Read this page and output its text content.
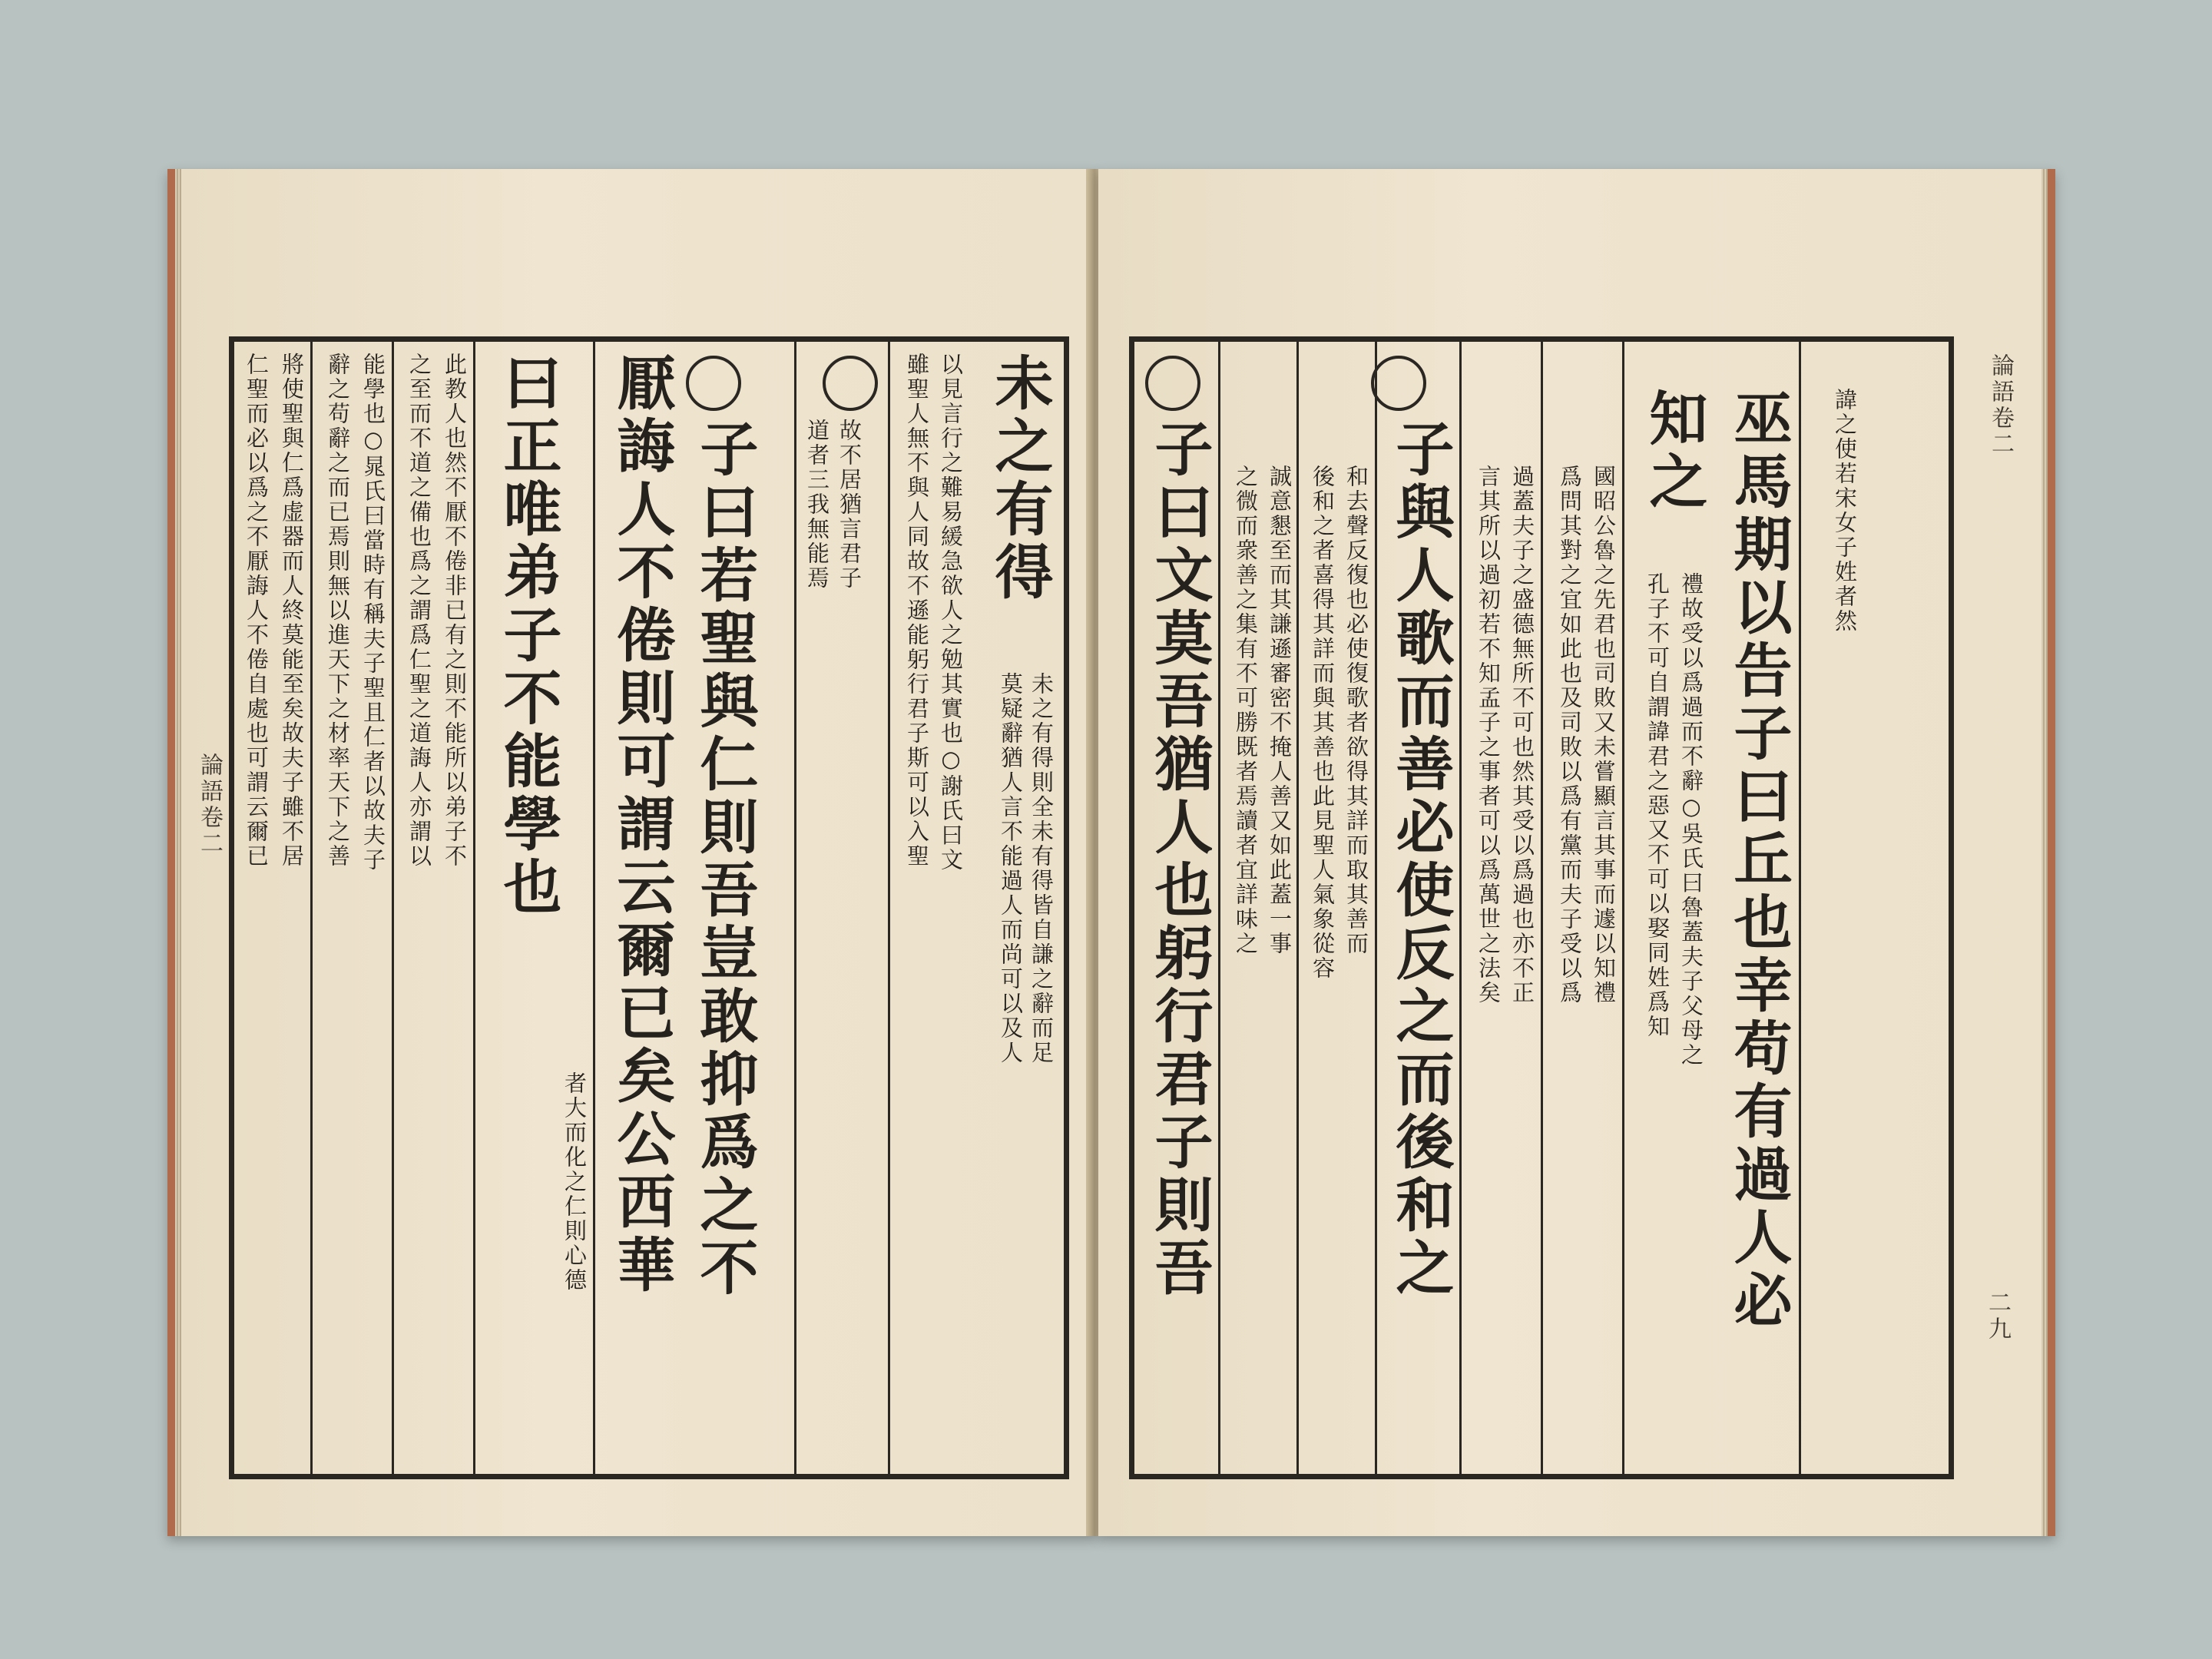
仁聖而必以爲之不厭誨人不倦自處也可謂云爾已 將使聖與仁爲虚器而人終莫能至矣故夫子雖不居 辭之苟辭之而已焉則無以進天下之材率天下之善 能學也○晁氏曰當時有稱夫子聖且仁者以故夫子 之至而不道之備也爲之謂爲仁聖之道誨人亦謂以 此教人也然不厭不倦非已有之則不能所以弟子不 曰正唯弟子不能學也
者大而化之仁則心德 厭誨人不倦則可謂云爾已矣公西華 子曰若聖與仁則吾豈敢抑爲之不 道者三我無能焉 故不居猶言君子 雖聖人無不與人同故不遜能躬行君子斯可以入聖 以見言行之難易緩急欲人之勉其實也○謝氏曰文 未之有得
莫疑辭猶人言不能過人而尚可以及人 未之有得則全未有得皆自謙之辭而足
論語卷二	子曰文莫吾猶人也躬行君子則吾 之微而衆善之集有不可勝既者焉讀者宜詳味之 誠意懇至而其謙遜審密不掩人善又如此蓋一事 後和之者喜得其詳而與其善也此見聖人氣象從容 和去聲反復也必使復歌者欲得其詳而取其善而 子與人歌而善必使反之而後和之 言其所以過初若不知孟子之事者可以爲萬世之法矣 過蓋夫子之盛德無所不可也然其受以爲過也亦不正 爲問其對之宜如此也及司敗以爲有黨而夫子受以爲 國昭公魯之先君也司敗又未嘗顯言其事而遽以知禮
知之
孔子不可自謂諱君之惡又不可以娶同姓爲知 禮故受以爲過而不辭○吳氏曰魯蓋夫子父母之 巫馬期以告子曰丘也幸苟有過人必 諱之使若宋女子姓者然	論語卷二
二九
